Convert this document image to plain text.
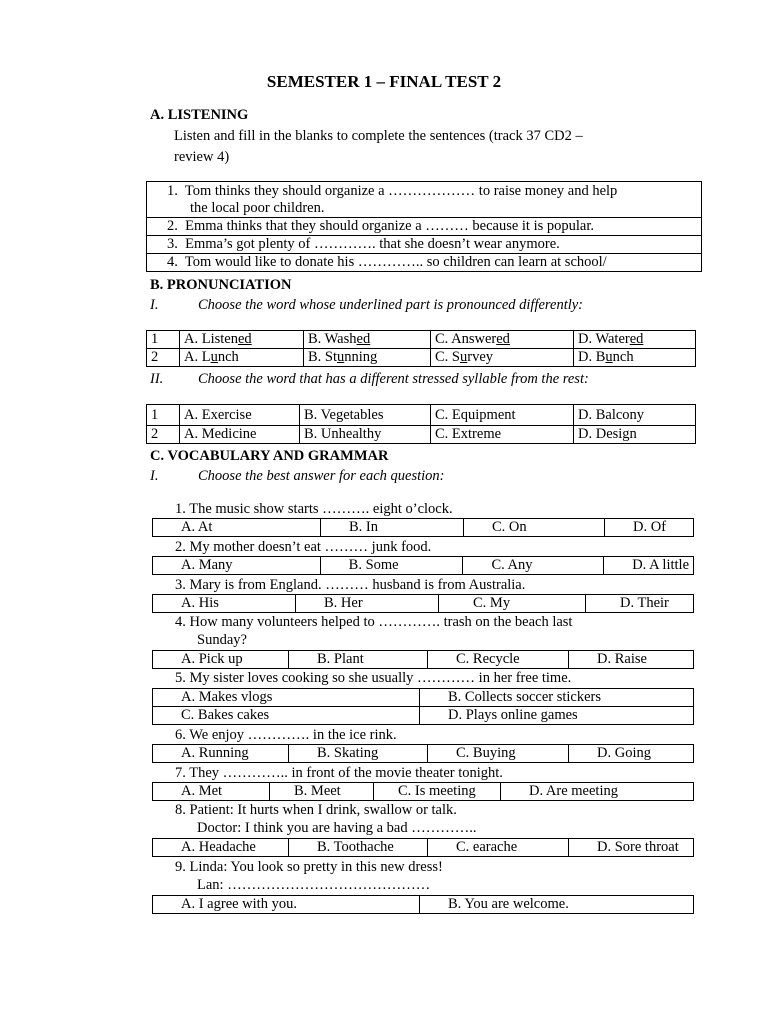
SEMESTER 1 – FINAL TEST 2
A. LISTENING
Listen and fill in the blanks to complete the sentences (track 37 CD2 –
review 4)
1. Tom thinks they should organize a ……………… to raise money and help
the local poor children.
2. Emma thinks that they should organize a ……… because it is popular.
3. Emma’s got plenty of …………. that she doesn’t wear anymore.
4. Tom would like to donate his ………….. so children can learn at school/
B. PRONUNCIATION
I.	Choose the word whose underlined part is pronounced differently:
1	A. Listened	B. Washed	C. Answered	D. Watered
2	A. Lunch	B. Stunning	C. Survey	D. Bunch
II. Choose the word that has a different stressed syllable from the rest:
1	A. Exercise	B. Vegetables	C. Equipment	D. Balcony
2	A. Medicine	B. Unhealthy	C. Extreme	D. Design
C. VOCABULARY AND GRAMMAR
I.	Choose the best answer for each question:
1. The music show starts ………. eight o’clock.
A. At	B. In	C. On	D. Of
2. My mother doesn’t eat ……… junk food.
A. Many	B. Some	C. Any	D. A little
3. Mary is from England. ……… husband is from Australia.
A. His	B. Her	C. My	D. Their
4. How many volunteers helped to …………. trash on the beach last
Sunday?
A. Pick up	B. Plant	C. Recycle	D. Raise
5. My sister loves cooking so she usually ………… in her free time.
A. Makes vlogs	B. Collects soccer stickers
C. Bakes cakes	D. Plays online games
6. We enjoy …………. in the ice rink.
A. Running	B. Skating	C. Buying	D. Going
7. They ………….. in front of the movie theater tonight.
A. Met	B. Meet	C. Is meeting	D. Are meeting
8. Patient: It hurts when I drink, swallow or talk.
Doctor: I think you are having a bad …………..
A. Headache	B. Toothache	C. earache	D. Sore throat
9. Linda: You look so pretty in this new dress!
Lan: ……………………………………
A. I agree with you.	B. You are welcome.
